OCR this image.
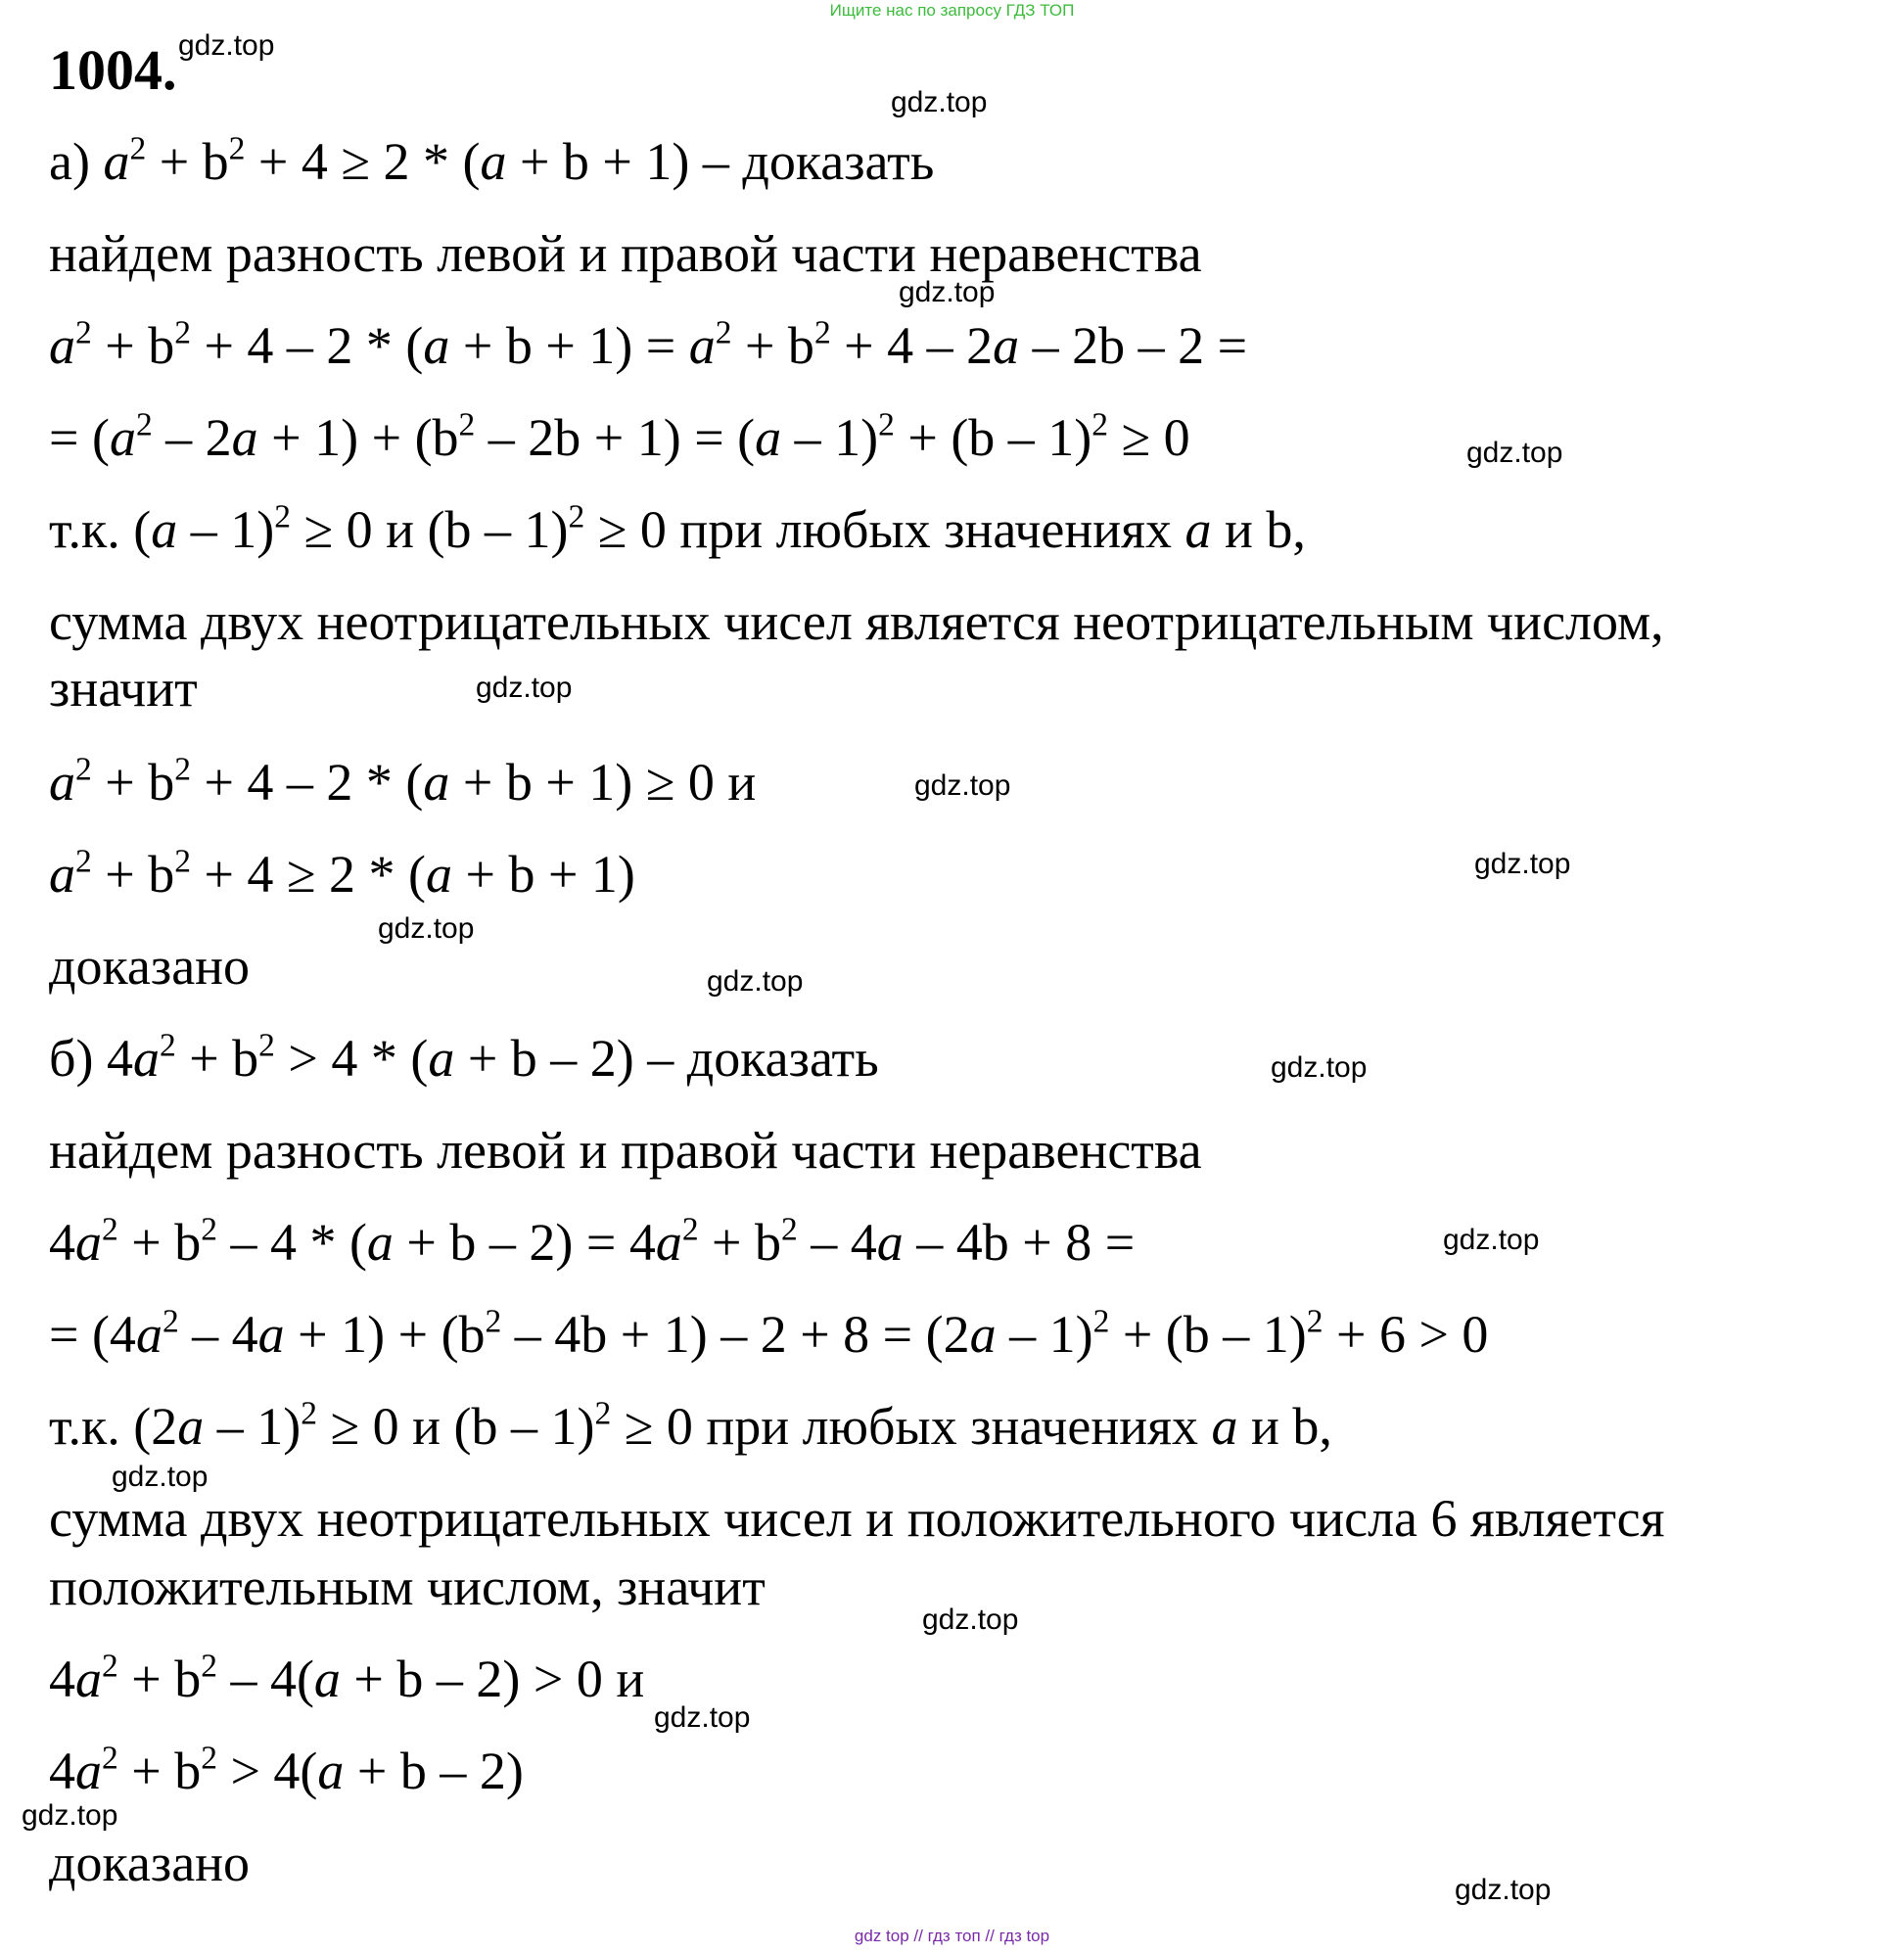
Ищите нас по запросу ГДЗ ТОП
1004.
а) $a^2 + b^2 + 4 \ge 2 * (a + b + 1)$ – доказать
найдем разность левой и правой части неравенства
$a^2 + b^2 + 4 - 2 * (a + b + 1) = a^2 + b^2 + 4 - 2a - 2b - 2$ =
= $(a^2 - 2a + 1) + (b^2 - 2b + 1) = (a - 1)^2 + (b - 1)^2 \ge 0$
т.к. (a – 1)$^2$ ≥ 0 и (b – 1)$^2$ ≥ 0 при любых значениях a и b,
сумма двух неотрицательных чисел является неотрицательным числом,
значит
$a^2 + b^2 + 4 - 2 * (a + b + 1) \ge 0$ и
$a^2 + b^2 + 4 \ge 2 * (a + b + 1)$
доказано
б) $4a^2 + b^2 > 4 * (a + b - 2)$ – доказать
найдем разность левой и правой части неравенства
$4a^2 + b^2 - 4 * (a + b - 2) = 4a^2 + b^2 - 4a - 4b + 8$ =
= $(4a^2 - 4a + 1) + (b^2 - 4b + 1) - 2 + 8 = (2a - 1)^2 + (b - 1)^2 + 6 > 0$
т.к. (2a – 1)$^2$ ≥ 0 и (b – 1)$^2$ ≥ 0 при любых значениях a и b,
сумма двух неотрицательных чисел и положительного числа 6 является
положительным числом, значит
$4a^2 + b^2 - 4(a + b - 2) > 0$ и
$4a^2 + b^2 > 4(a + b - 2)$
доказано
gdz.top
gdz.top
gdz.top
gdz.top
gdz.top
gdz.top
gdz.top
gdz.top
gdz.top
gdz.top
gdz.top
gdz.top
gdz.top
gdz.top
gdz.top
gdz.top
gdz top // гдз топ // гдз top
